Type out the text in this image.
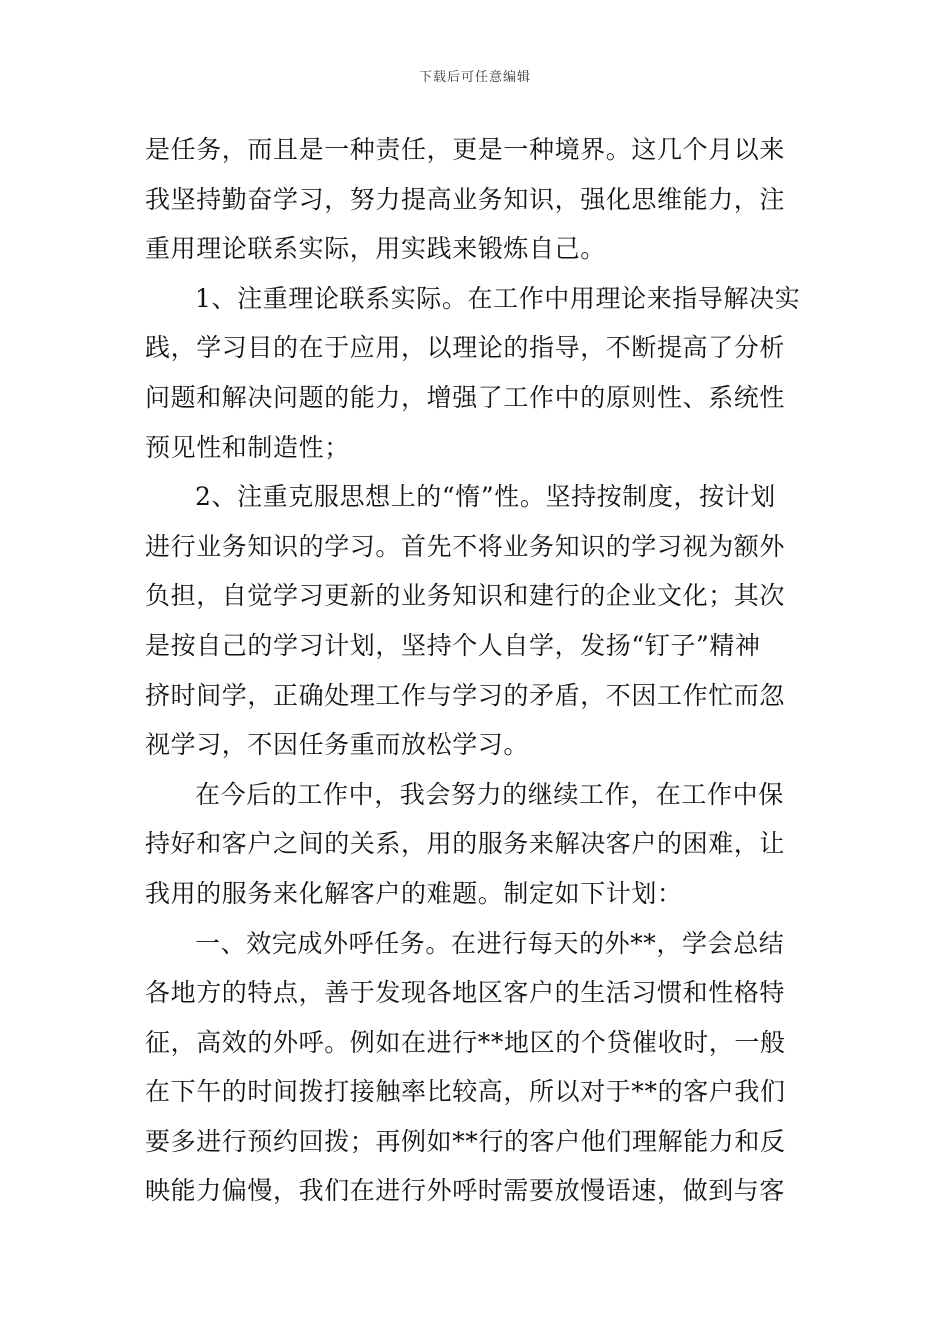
下载后可任意编辑
是任务，而且是一种责任，更是一种境界。这几个月以来
我坚持勤奋学习，努力提高业务知识，强化思维能力，注
重用理论联系实际，用实践来锻炼自己。
1、注重理论联系实际。在工作中用理论来指导解决实
践，学习目的在于应用，以理论的指导，不断提高了分析
问题和解决问题的能力，增强了工作中的原则性、系统性
预见性和制造性；
2、注重克服思想上的“惰”性。坚持按制度，按计划
进行业务知识的学习。首先不将业务知识的学习视为额外
负担，自觉学习更新的业务知识和建行的企业文化；其次
是按自己的学习计划，坚持个人自学，发扬“钉子”精神
挤时间学，正确处理工作与学习的矛盾，不因工作忙而忽
视学习，不因任务重而放松学习。
在今后的工作中，我会努力的继续工作，在工作中保
持好和客户之间的关系，用的服务来解决客户的困难，让
我用的服务来化解客户的难题。制定如下计划：
一、效完成外呼任务。在进行每天的外**，学会总结
各地方的特点，善于发现各地区客户的生活习惯和性格特
征，高效的外呼。例如在进行**地区的个贷催收时，一般
在下午的时间拨打接触率比较高，所以对于**的客户我们
要多进行预约回拨；再例如**行的客户他们理解能力和反
映能力偏慢，我们在进行外呼时需要放慢语速，做到与客
